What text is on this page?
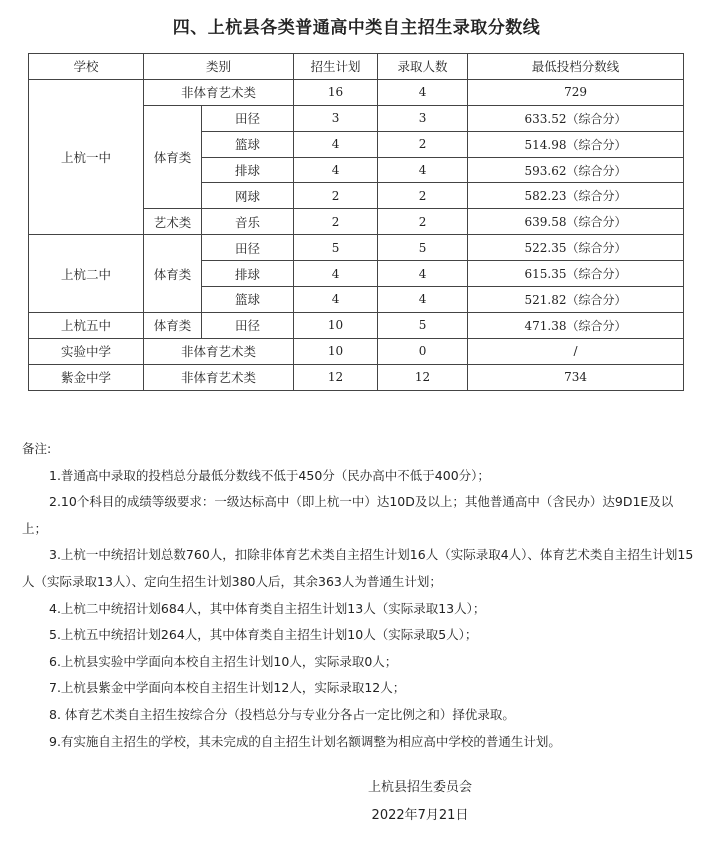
四、上杭县各类普通高中类自主招生录取分数线
学校	类别		招生计划	录取人数	最低投档分数线
上杭一中	非体育艺术类		16	4	729
	体育类	田径	3	3	633.52（综合分）
		篮球	4	2	514.98（综合分）
		排球	4	4	593.62（综合分）
		网球	2	2	582.23（综合分）
	艺术类	音乐	2	2	639.58（综合分）
上杭二中	体育类	田径	5	5	522.35（综合分）
		排球	4	4	615.35（综合分）
		篮球	4	4	521.82（综合分）
上杭五中	体育类	田径	10	5	471.38（综合分）
实验中学	非体育艺术类		10	0	/
紫金中学	非体育艺术类		12	12	734
备注:

1.普通高中录取的投档总分最低分数线不低于450分（民办高中不低于400分）；

2.10个科目的成绩等级要求：一级达标高中（即上杭一中）达10D及以上；其他普通高中（含民办）达9D1E及以上；

3.上杭一中统招计划总数760人，扣除非体育艺术类自主招生计划16人（实际录取4人）、体育艺术类自主招生计划15人（实际录取13人）、定向生招生计划380人后，其余363人为普通生计划；

4.上杭二中统招计划684人，其中体育类自主招生计划13人（实际录取13人）；

5.上杭五中统招计划264人，其中体育类自主招生计划10人（实际录取5人）；

6.上杭县实验中学面向本校自主招生计划10人，实际录取0人；

7.上杭县紫金中学面向本校自主招生计划12人，实际录取12人；

8. 体育艺术类自主招生按综合分（投档总分与专业分各占一定比例之和）择优录取。

9.有实施自主招生的学校，其未完成的自主招生计划名额调整为相应高中学校的普通生计划。

上杭县招生委员会
2022年7月21日
